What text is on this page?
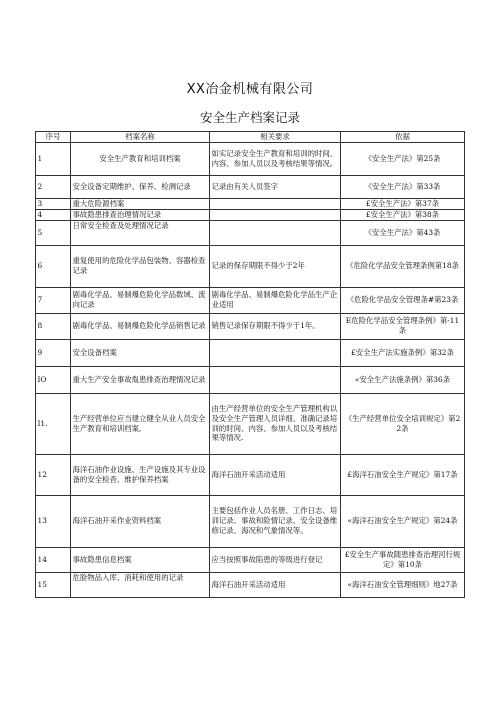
XX冶金机械有限公司
安全生产档案记录
序号	档案名称	相关要求	依据
1	安全生产教育和培训档案	如实记录安全生产教育和培训的时间、内容、参加人员以及考核结果等情况。	《安全生产法》第25条
2	安全设备定期维护、保养、检测记录	记录由有关人员签字	《安全生产法》第33条
3	重大危险源档案		£安全生产法》第37条
4	事故隐患排查治理情况记录		£安全生产法》第38条
5	日常安全检查及处理情况记录		《安全生产法》第43条
6	重复使用的危险化学品包装物、容器检查记录	记录的保存期限不得少于2年	《危险化学品安全管理条例第18条
7	剧毒化学品、易制爆危险化学品数域、流向记录	剧毒化学品、易制爆危险化学品生产企业适用	《危险化学品安全管理条#第23条
8	剧毒化学品、易制爆危险化学品销售记录	销售记录保存期限不得少于1年。	E危险化学品安全管理条例》第-11条
9	安全设备档案		£安全生产法实施条例》第32条
IO	重大生产安全事故胤患排查治理情况记录		«安全生产法施条例》第36条
I1.	生产经营单位应当建立健全从业人员安全生产教育和培训档案,	由生产经营单位的安全生产管理机构以及安全生产管理人员详细、准确记录培训的时间、内容、参加人员以及考核结果等情况.	《生产经营单位安全培训规定》第22条
12	海洋石油作业设施、生产设施及其专业设备的安全检杳、维护保养档案	海洋石油开采活动适用	£海洋石油安全生产规定》第17条
13	海洋石油开采作业资料档案	主要包括作业人员名册、工作日志、培训记录、事故和险情记录、安全设备维修记录、海况和气象情况等。	«海洋石油安全生产规定》第24条
14	事故隐患信息档案	应当按照事故陷患的等级进行登记	£安全生产事故随患排查治理河行规定》第10条
15	危脸物品入库、消耗和使用的记录	海洋石油开采活动适用	«海洋石油安全管理细则》地27条
